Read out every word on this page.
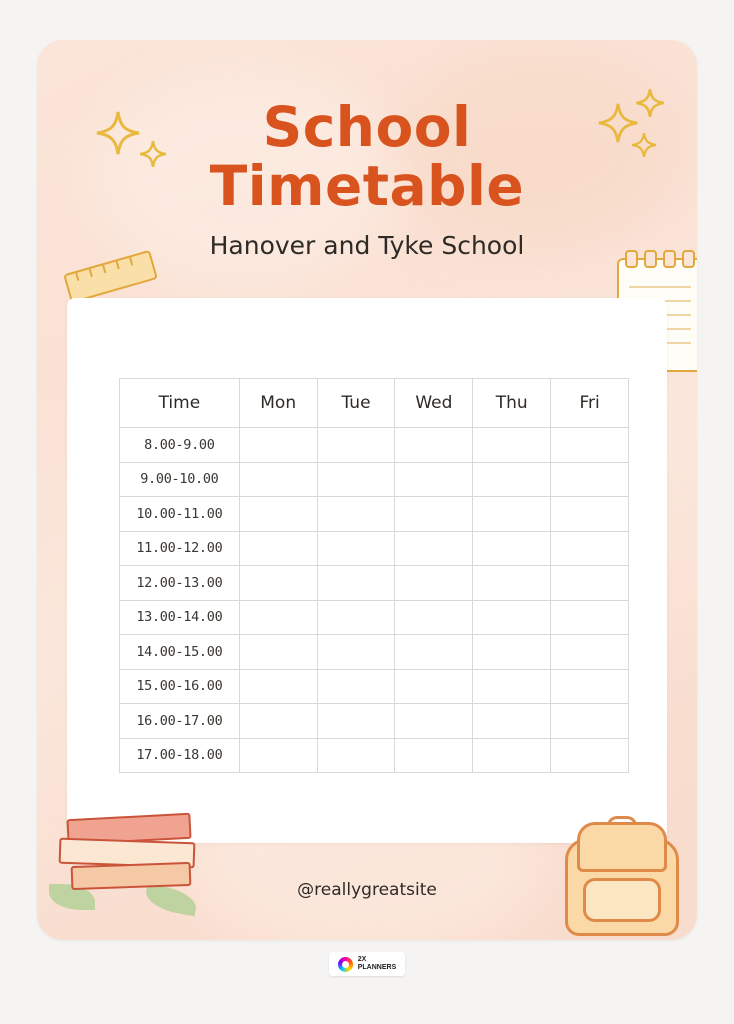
School
Timetable

Hanover and Tyke School

Time	Mon	Tue	Wed	Thu	Fri
8.00-9.00					
9.00-10.00					
10.00-11.00					
11.00-12.00					
12.00-13.00					
13.00-14.00					
14.00-15.00					
15.00-16.00					
16.00-17.00					
17.00-18.00					
@reallygreatsite
2X
PLANNERS
